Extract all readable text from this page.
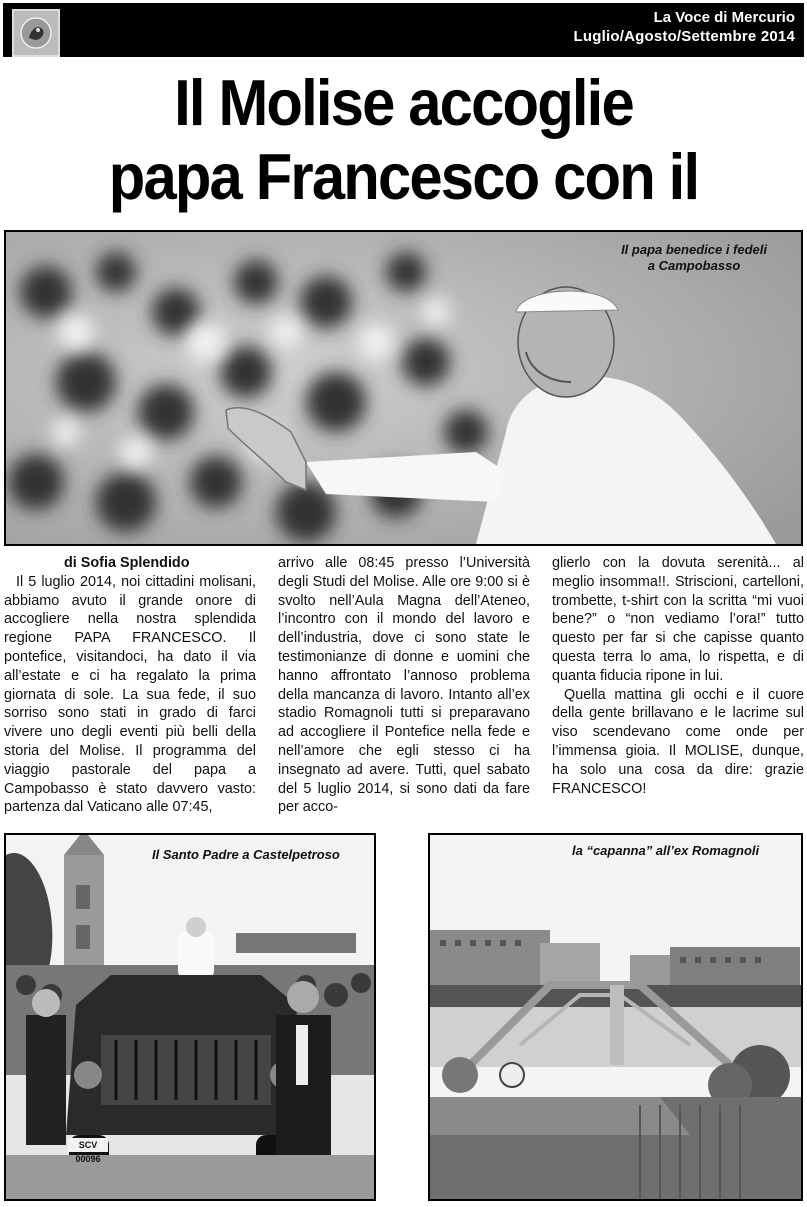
La Voce di Mercurio
Luglio/Agosto/Settembre 2014
Il Molise accoglie
papa Francesco con il
Il papa benedice i fedeli
a Campobasso
di Sofia Splendido

Il 5 luglio 2014, noi cittadini molisani, abbiamo avuto il grande onore di accogliere nella nostra splendida regione PAPA FRANCESCO. Il pontefice, visitandoci, ha dato il via all’estate e ci ha regalato la prima giornata di sole. La sua fede, il suo sorriso sono stati in grado di farci vivere uno degli eventi più belli della storia del Molise. Il programma del viaggio pastorale del papa a Campobasso è stato davvero vasto: partenza dal Vaticano alle 07:45,

arrivo alle 08:45 presso l’Università degli Studi del Molise. Alle ore 9:00 si è svolto nell’Aula Magna dell’Ateneo, l’incontro con il mondo del lavoro e dell’industria, dove ci sono state le testimonianze di donne e uomini che hanno affrontato l’annoso problema della mancanza di lavoro. Intanto all’ex stadio Romagnoli tutti si preparavano ad accogliere il Pontefice nella fede e nell’amore che egli stesso ci ha insegnato ad avere. Tutti, quel sabato del 5 luglio 2014, si sono dati da fare per acco-

glierlo con la dovuta serenità... al meglio insomma!!. Striscioni, cartelloni, trombette, t-shirt con la scritta “mi vuoi bene?” o “non vediamo l’ora!” tutto questo per far si che capisse quanto questa terra lo ama, lo rispetta, e di quanta fiducia ripone in lui.

Quella mattina gli occhi e il cuore della gente brillavano e le lacrime sul viso scendevano come onde per l’immensa gioia. Il MOLISE, dunque, ha solo una cosa da dire: grazie FRANCESCO!

Il Santo Padre a Castelpetroso
SCV 00096
la “capanna” all’ex Romagnoli
